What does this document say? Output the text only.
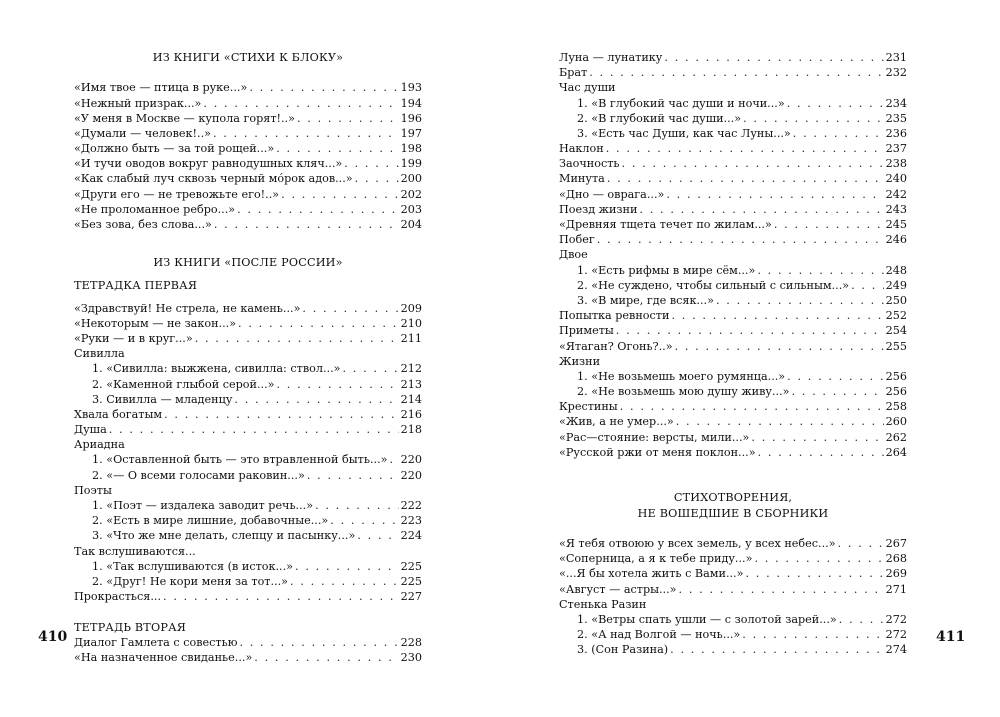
ИЗ КНИГИ «СТИХИ К БЛОКУ»
«Имя твое — птица в руке...» . . .	193
«Нежный призрак...» . . .	194
«У меня в Москве — купола горят!..» . . .	196
«Думали — человек!..» . . .	197
«Должно быть — за той рощей...» . . .	198
«И тучи оводов вокруг равнодушных кляч...» . . .	199
«Как слабый луч сквозь черный мо́рок адов...» . . .	200
«Други его — не тревожьте его!..» . . .	202
«Не проломанное ребро...» . . .	203
«Без зова, без слова...» . . .	204
ИЗ КНИГИ «ПОСЛЕ РОССИИ»
ТЕТРАДКА ПЕРВАЯ
«Здравствуй! Не стрела, не камень...» . . .	209
«Некоторым — не закон...» . . .	210
«Руки — и в круг...» . . .	211
Сивилла
1. «Сивилла: выжжена, сивилла: ствол...» . . .	212
2. «Каменной глыбой серой...» . . .	213
3. Сивилла — младенцу . . .	214
Хвала богатым . . .	216
Душа . . .	218
Ариадна
1. «Оставленной быть — это втравленной быть...» . . . 220
2. «— О всеми голосами раковин...» . . .	220
Поэты
1. «Поэт — издалека заводит речь...» . . .	222
2. «Есть в мире лишние, добавочные...» . . .	223
3. «Что же мне делать, слепцу и пасынку...» . . .	224
Так вслушиваются...
1. «Так вслушиваются (в исток...» . . .	225
2. «Друг! Не кори меня за тот...» . . .	225
Прокрасться... . . .	227
ТЕТРАДЬ ВТОРАЯ
Диалог Гамлета с совестью . . .	228
«На назначенное свиданье...» . . .	230
410
Луна — лунатику . . .	231
Брат . . .	232
Час души
1. «В глубокий час души и ночи...» . . .	234
2. «В глубокий час души...» . . .	235
3. «Есть час Души, как час Луны...» . . .	236
Наклон . . .	237
Заочность . . .	238
Минута . . .	240
«Дно — оврага...» . . .	242
Поезд жизни . . .	243
«Древняя тщета течет по жилам...» . . .	245
Побег . . .	246
Двое
1. «Есть рифмы в мире сём...» . . .	248
2. «Не суждено, чтобы сильный с сильным...» . . .	249
3. «В мире, где всяк...» . . .	250
Попытка ревности . . .	252
Приметы . . .	254
«Ятаган? Огонь?..» . . .	255
Жизни
1. «Не возьмешь моего румянца...» . . .	256
2. «Не возьмешь мою душу живу...» . . .	256
Крестины . . .	258
«Жив, а не умер...» . . .	260
«Рас—стояние: версты, мили...» . . .	262
«Русской ржи от меня поклон...» . . .	264
СТИХОТВОРЕНИЯ,
НЕ ВОШЕДШИЕ В СБОРНИКИ
«Я тебя отвоюю у всех земель, у всех небес...» . . .	267
«Соперница, а я к тебе приду...» . . .	268
«...Я бы хотела жить с Вами...» . . .	269
«Август — астры...» . . .	271
Стенька Разин
1. «Ветры спать ушли — с золотой зарей...» . . .	272
2. «А над Волгой — ночь...» . . .	272
3. (Сон Разина) . . .	274
411
